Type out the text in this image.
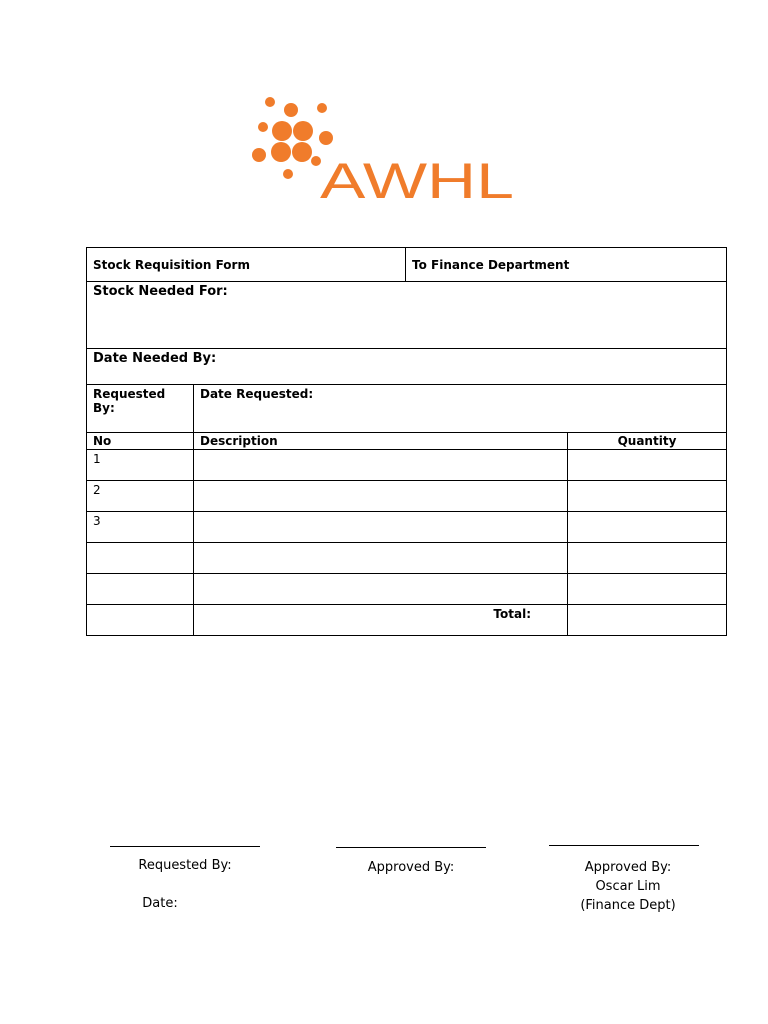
AWHL
Stock Requisition Form		To Finance Department	
Stock Needed For:			
Date Needed By:			
Requested By:	Date Requested:		
No	Description		Quantity
1			
2			
3			

	Total:		
Requested By:
Date:
Approved By:	Approved By:
Oscar Lim
(Finance Dept)
